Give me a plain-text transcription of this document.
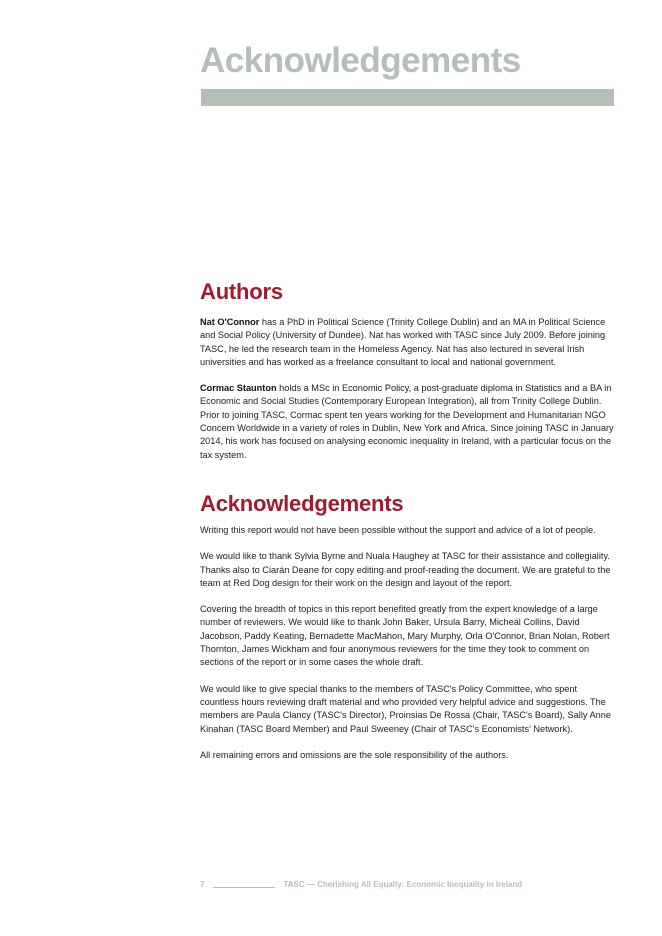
Acknowledgements
Authors

Nat O'Connor has a PhD in Political Science (Trinity College Dublin) and an MA in Political Science and Social Policy (University of Dundee). Nat has worked with TASC since July 2009. Before joining TASC, he led the research team in the Homeless Agency. Nat has also lectured in several Irish universities and has worked as a freelance consultant to local and national government.

Cormac Staunton holds a MSc in Economic Policy, a post-graduate diploma in Statistics and a BA in Economic and Social Studies (Contemporary European Integration), all from Trinity College Dublin. Prior to joining TASC, Cormac spent ten years working for the Development and Humanitarian NGO Concern Worldwide in a variety of roles in Dublin, New York and Africa. Since joining TASC in January 2014, his work has focused on analysing economic inequality in Ireland, with a particular focus on the tax system.

Acknowledgements

Writing this report would not have been possible without the support and advice of a lot of people.

We would like to thank Sylvia Byrne and Nuala Haughey at TASC for their assistance and collegiality. Thanks also to Ciarán Deane for copy editing and proof-reading the document. We are grateful to the team at Red Dog design for their work on the design and layout of the report.

Covering the breadth of topics in this report benefited greatly from the expert knowledge of a large number of reviewers. We would like to thank John Baker, Ursula Barry, Micheál Collins, David Jacobson, Paddy Keating, Bernadette MacMahon, Mary Murphy, Orla O'Connor, Brian Nolan, Robert Thornton, James Wickham and four anonymous reviewers for the time they took to comment on sections of the report or in some cases the whole draft.

We would like to give special thanks to the members of TASC's Policy Committee, who spent countless hours reviewing draft material and who provided very helpful advice and suggestions. The members are Paula Clancy (TASC's Director), Proinsias De Rossa (Chair, TASC's Board), Sally Anne Kinahan (TASC Board Member) and Paul Sweeney (Chair of TASC's Economists' Network).

All remaining errors and omissions are the sole responsibility of the authors.

7	TASC — Cherishing All Equally: Economic Inequality in Ireland
